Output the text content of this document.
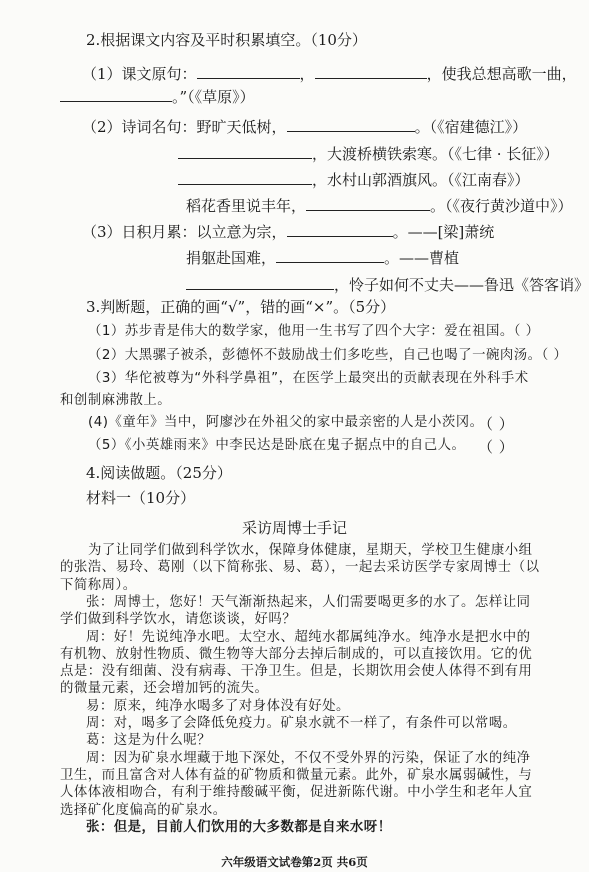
2.根据课文内容及平时积累填空。（10分）
（1）课文原句：	，	，使我总想高歌一曲，
。”（《草原》）
（2）诗词名句：野旷天低树，	。（《宿建德江》）
，大渡桥横铁索寒。（《七律 · 长征》）
，水村山郭酒旗风。（《江南春》）
稻花香里说丰年，	。（《夜行黄沙道中》）
（3）日积月累：以立意为宗，	。——[梁]萧统
捐躯赴国难，	。——曹植
，怜子如何不丈夫——鲁迅《答客诮》
3.判断题，正确的画“√”，错的画“×”。（5分）
（1）苏步青是伟大的数学家，他用一生书写了四个大字：爱在祖国。（ ）
（2）大黑骡子被杀，彭德怀不鼓励战士们多吃些，自己也喝了一碗肉汤。（ ）
（3）华佗被尊为“外科学鼻祖”，在医学上最突出的贡献表现在外科手术
和创制麻沸散上。
(4)《童年》当中，阿廖沙在外祖父的家中最亲密的人是小茨冈。
（ ）
（5）《小英雄雨来》中李民达是卧底在鬼子据点中的自己人。 （ ）
4.阅读做题。（25分）
材料一（10分）
采访周博士手记
为了让同学们做到科学饮水，保障身体健康，星期天，学校卫生健康小组
的张浩、易玲、葛刚（以下简称张、易、葛），一起去采访医学专家周博士（以
下简称周）。
张：周博士，您好！天气渐渐热起来，人们需要喝更多的水了。怎样让同
学们做到科学饮水，请您谈谈，好吗？
周：好！先说纯净水吧。太空水、超纯水都属纯净水。纯净水是把水中的
有机物、放射性物质、微生物等大部分去掉后制成的，可以直接饮用。它的优
点是：没有细菌、没有病毒、干净卫生。但是，长期饮用会使人体得不到有用
的微量元素，还会增加钙的流失。
易：原来，纯净水喝多了对身体没有好处。
周：对，喝多了会降低免疫力。矿泉水就不一样了，有条件可以常喝。
葛：这是为什么呢？
周：因为矿泉水埋藏于地下深处，不仅不受外界的污染，保证了水的纯净
卫生，而且富含对人体有益的矿物质和微量元素。此外，矿泉水属弱碱性，与
人体体液相吻合，有利于维持酸碱平衡，促进新陈代谢。中小学生和老年人宜
选择矿化度偏高的矿泉水。
张：但是，目前人们饮用的大多数都是自来水呀！
六年级语文试卷第2页 共6页
